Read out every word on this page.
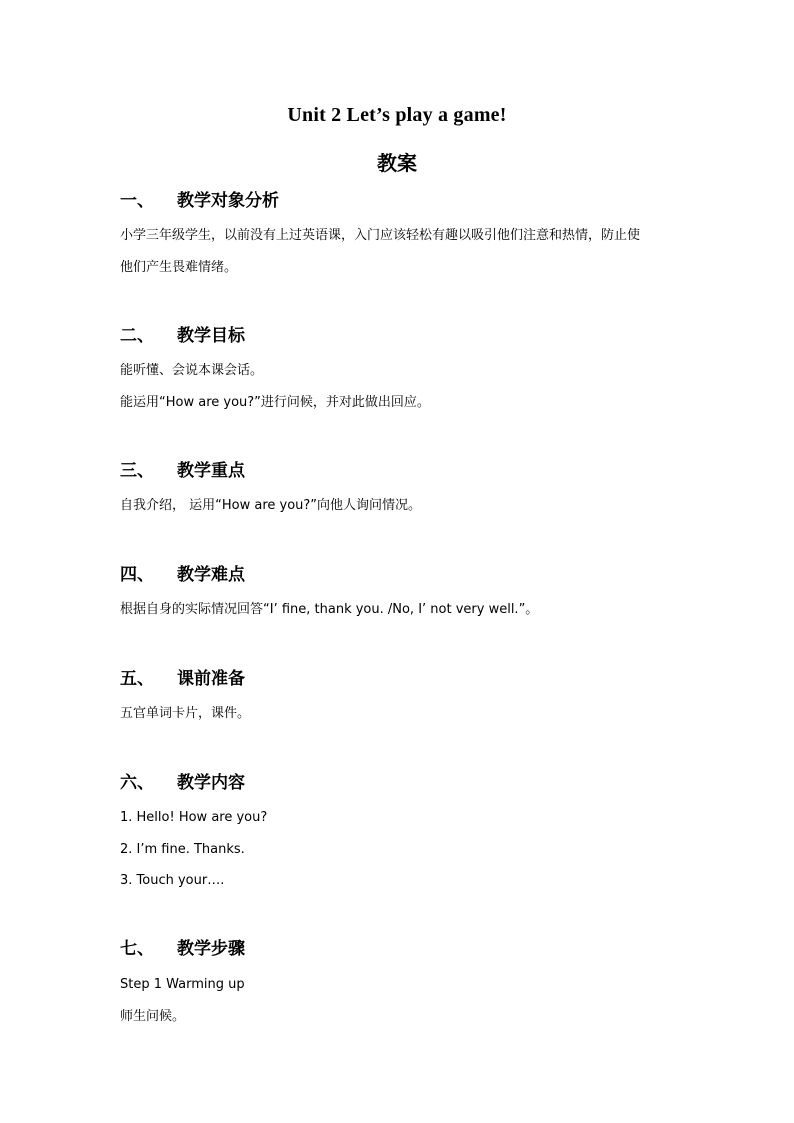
Unit 2 Let’s play a game!
教案
一、 教学对象分析
小学三年级学生，以前没有上过英语课，入门应该轻松有趣以吸引他们注意和热情，防止使
他们产生畏难情绪。
二、 教学目标
能听懂、会说本课会话。
能运用“How are you?”进行问候，并对此做出回应。
三、 教学重点
自我介绍， 运用“How are you?”向他人询问情况。
四、 教学难点
根据自身的实际情况回答“I’ fine, thank you. /No, I’ not very well.”。
五、 课前准备
五官单词卡片，课件。
六、 教学内容
1. Hello! How are you?
2. I’m fine. Thanks.
3. Touch your….
七、 教学步骤
Step 1 Warming up
师生问候。
